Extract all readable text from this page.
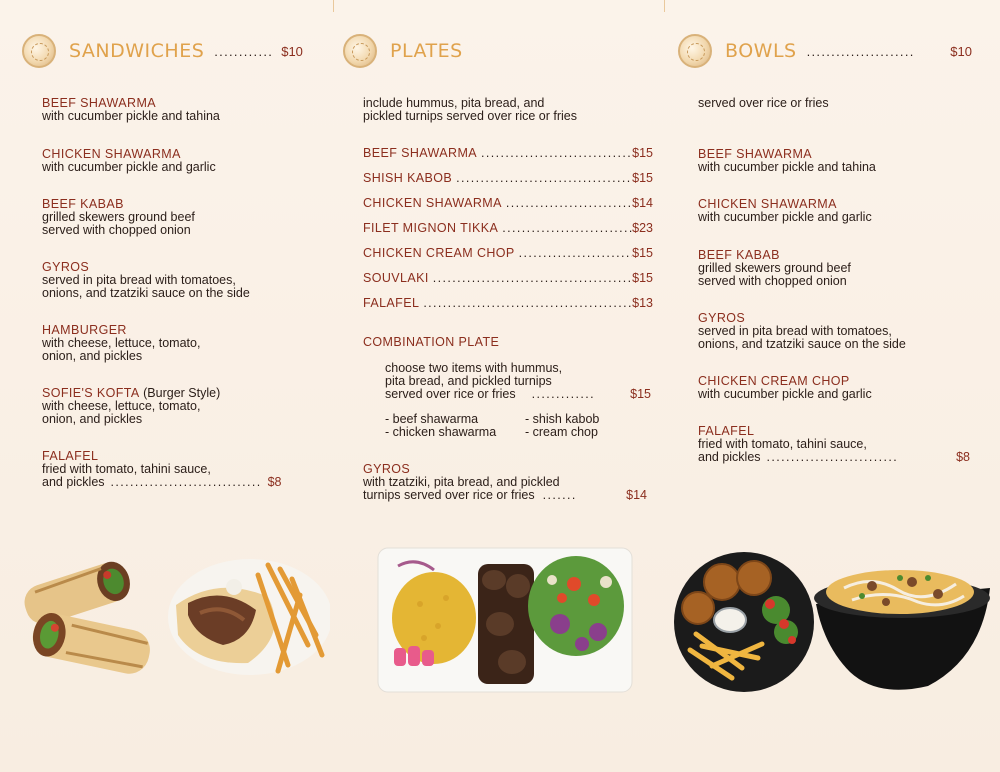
SANDWICHES ............ $10
BEEF SHAWARMA
with cucumber pickle and tahina
CHICKEN SHAWARMA
with cucumber pickle and garlic
BEEF KABAB
grilled skewers ground beef
served with chopped onion
GYROS
served in pita bread with tomatoes,
onions, and tzatziki sauce on the side
HAMBURGER
with cheese, lettuce, tomato,
onion, and pickles
SOFIE'S KOFTA (Burger Style)
with cheese, lettuce, tomato,
onion, and pickles
FALAFEL
fried with tomato, tahini sauce,
and pickles ............................... $8
PLATES
include hummus, pita bread, and
pickled turnips served over rice or fries
BEEF SHAWARMA .....	$15
SHISH KABOB .....	$15
CHICKEN SHAWARMA .....	$14
FILET MIGNON TIKKA .....	$23
CHICKEN CREAM CHOP .....	$15
SOUVLAKI .....	$15
FALAFEL .....	$13
COMBINATION PLATE
choose two items with hummus,
pita bread, and pickled turnips
served over rice or fries .............	$15
- beef shawarma	- shish kabob
- chicken shawarma	- cream chop
GYROS
with tzatziki, pita bread, and pickled
turnips served over rice or fries .......	$14
BOWLS ......................	$10
served over rice or fries
BEEF SHAWARMA
with cucumber pickle and tahina
CHICKEN SHAWARMA
with cucumber pickle and garlic
BEEF KABAB
grilled skewers ground beef
served with chopped onion
GYROS
served in pita bread with tomatoes,
onions, and tzatziki sauce on the side
CHICKEN CREAM CHOP
with cucumber pickle and garlic
FALAFEL
fried with tomato, tahini sauce,
and pickles ...........................	$8
